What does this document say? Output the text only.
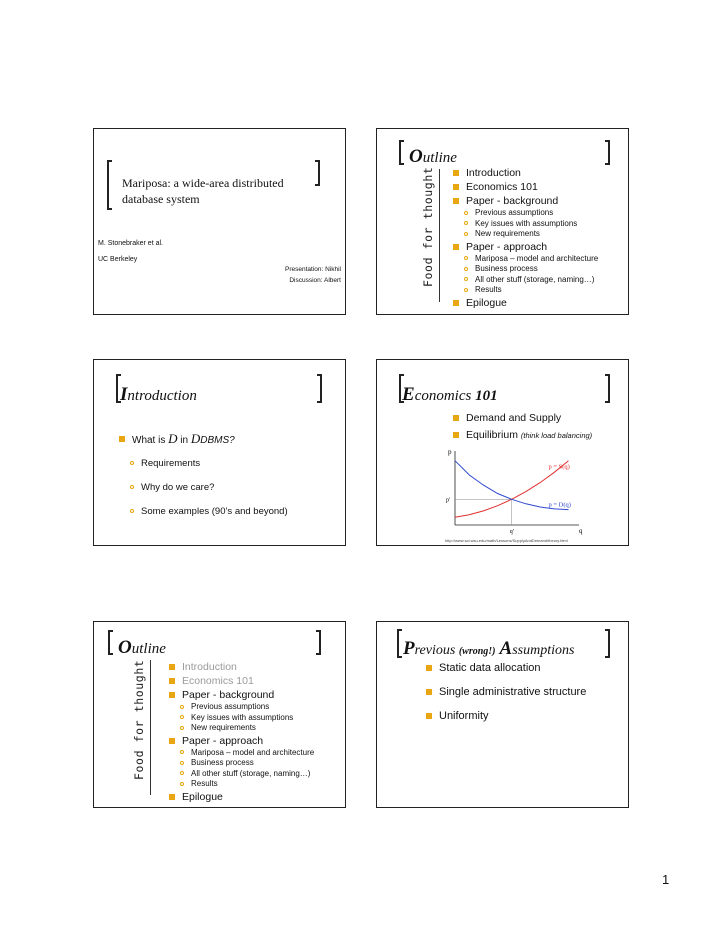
Mariposa: a wide-area distributed
database system
M. Stonebraker et al.
UC Berkeley
Presentation: Nikhil
Discussion: Albert
Outline
Food for thought	Introduction
Economics 101
Paper - background
Previous assumptions
Key issues with assumptions
New requirements
Paper - approach
Mariposa – model and architecture
Business process
All other stuff (storage, naming…)
Results
Epilogue
Introduction
What is D in DDBMS?
Requirements
Why do we care?
Some examples (90’s and beyond)
Economics 101
Demand and Supply
Equilibrium (think load balancing)
p
q
p'
q'
p = S(q)
p = D(q)
http://www.sci.wsu.edu/math/Lessons/SupplyAndDemand/theory.html
Outline
Food for thought	Introduction
Economics 101
Paper - background
Previous assumptions
Key issues with assumptions
New requirements
Paper - approach
Mariposa – model and architecture
Business process
All other stuff (storage, naming…)
Results
Epilogue
Previous (wrong!) Assumptions
Static data allocation
Single administrative structure
Uniformity
1
